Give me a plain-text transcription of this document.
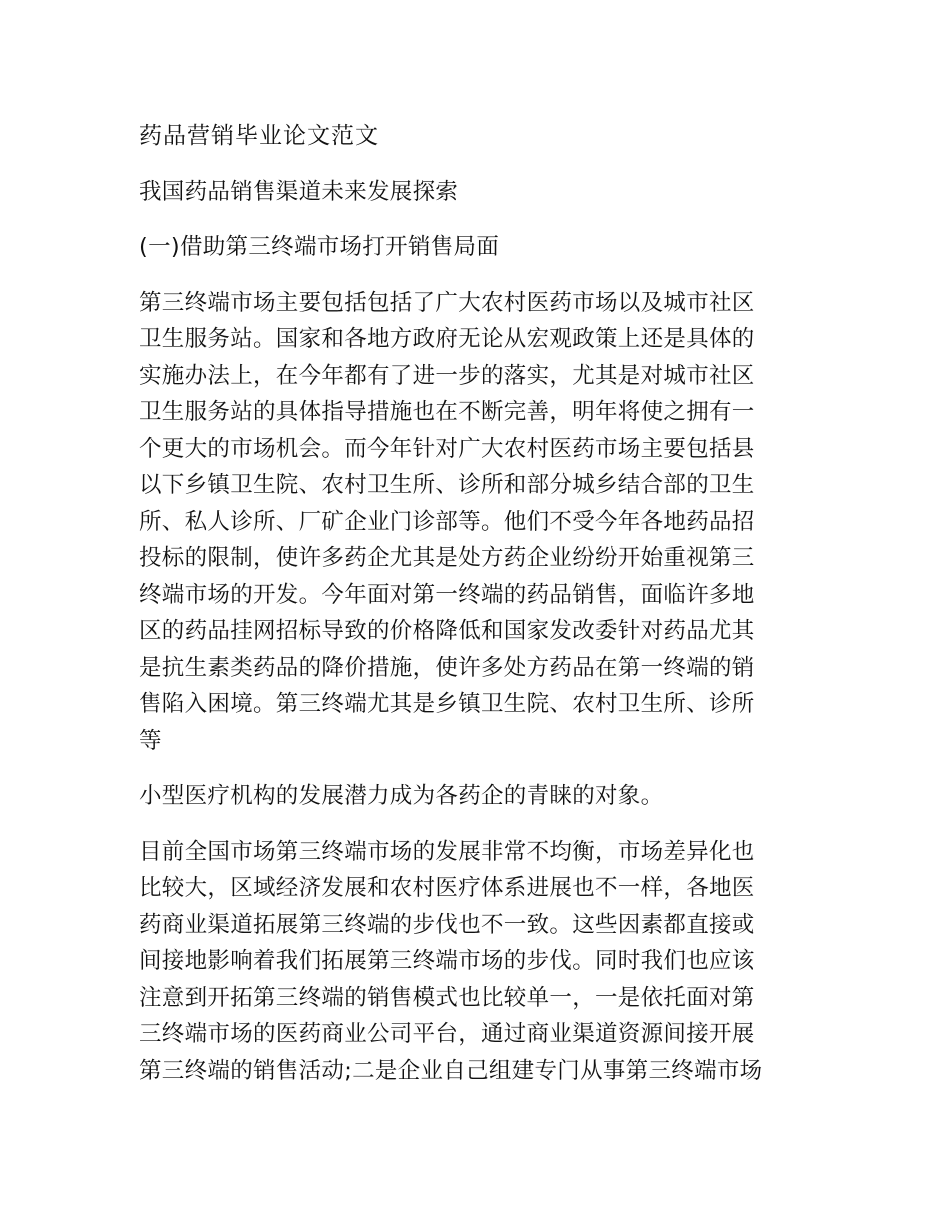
药品营销毕业论文范文

我国药品销售渠道未来发展探索

(一)借助第三终端市场打开销售局面

第三终端市场主要包括包括了广大农村医药市场以及城市社区
卫生服务站。国家和各地方政府无论从宏观政策上还是具体的
实施办法上，在今年都有了进一步的落实，尤其是对城市社区
卫生服务站的具体指导措施也在不断完善，明年将使之拥有一
个更大的市场机会。而今年针对广大农村医药市场主要包括县
以下乡镇卫生院、农村卫生所、诊所和部分城乡结合部的卫生
所、私人诊所、厂矿企业门诊部等。他们不受今年各地药品招
投标的限制，使许多药企尤其是处方药企业纷纷开始重视第三
终端市场的开发。今年面对第一终端的药品销售，面临许多地
区的药品挂网招标导致的价格降低和国家发改委针对药品尤其
是抗生素类药品的降价措施，使许多处方药品在第一终端的销
售陷入困境。第三终端尤其是乡镇卫生院、农村卫生所、诊所
等

小型医疗机构的发展潜力成为各药企的青睐的对象。

目前全国市场第三终端市场的发展非常不均衡，市场差异化也
比较大，区域经济发展和农村医疗体系进展也不一样，各地医
药商业渠道拓展第三终端的步伐也不一致。这些因素都直接或
间接地影响着我们拓展第三终端市场的步伐。同时我们也应该
注意到开拓第三终端的销售模式也比较单一，一是依托面对第
三终端市场的医药商业公司平台，通过商业渠道资源间接开展
第三终端的销售活动;二是企业自己组建专门从事第三终端市场
